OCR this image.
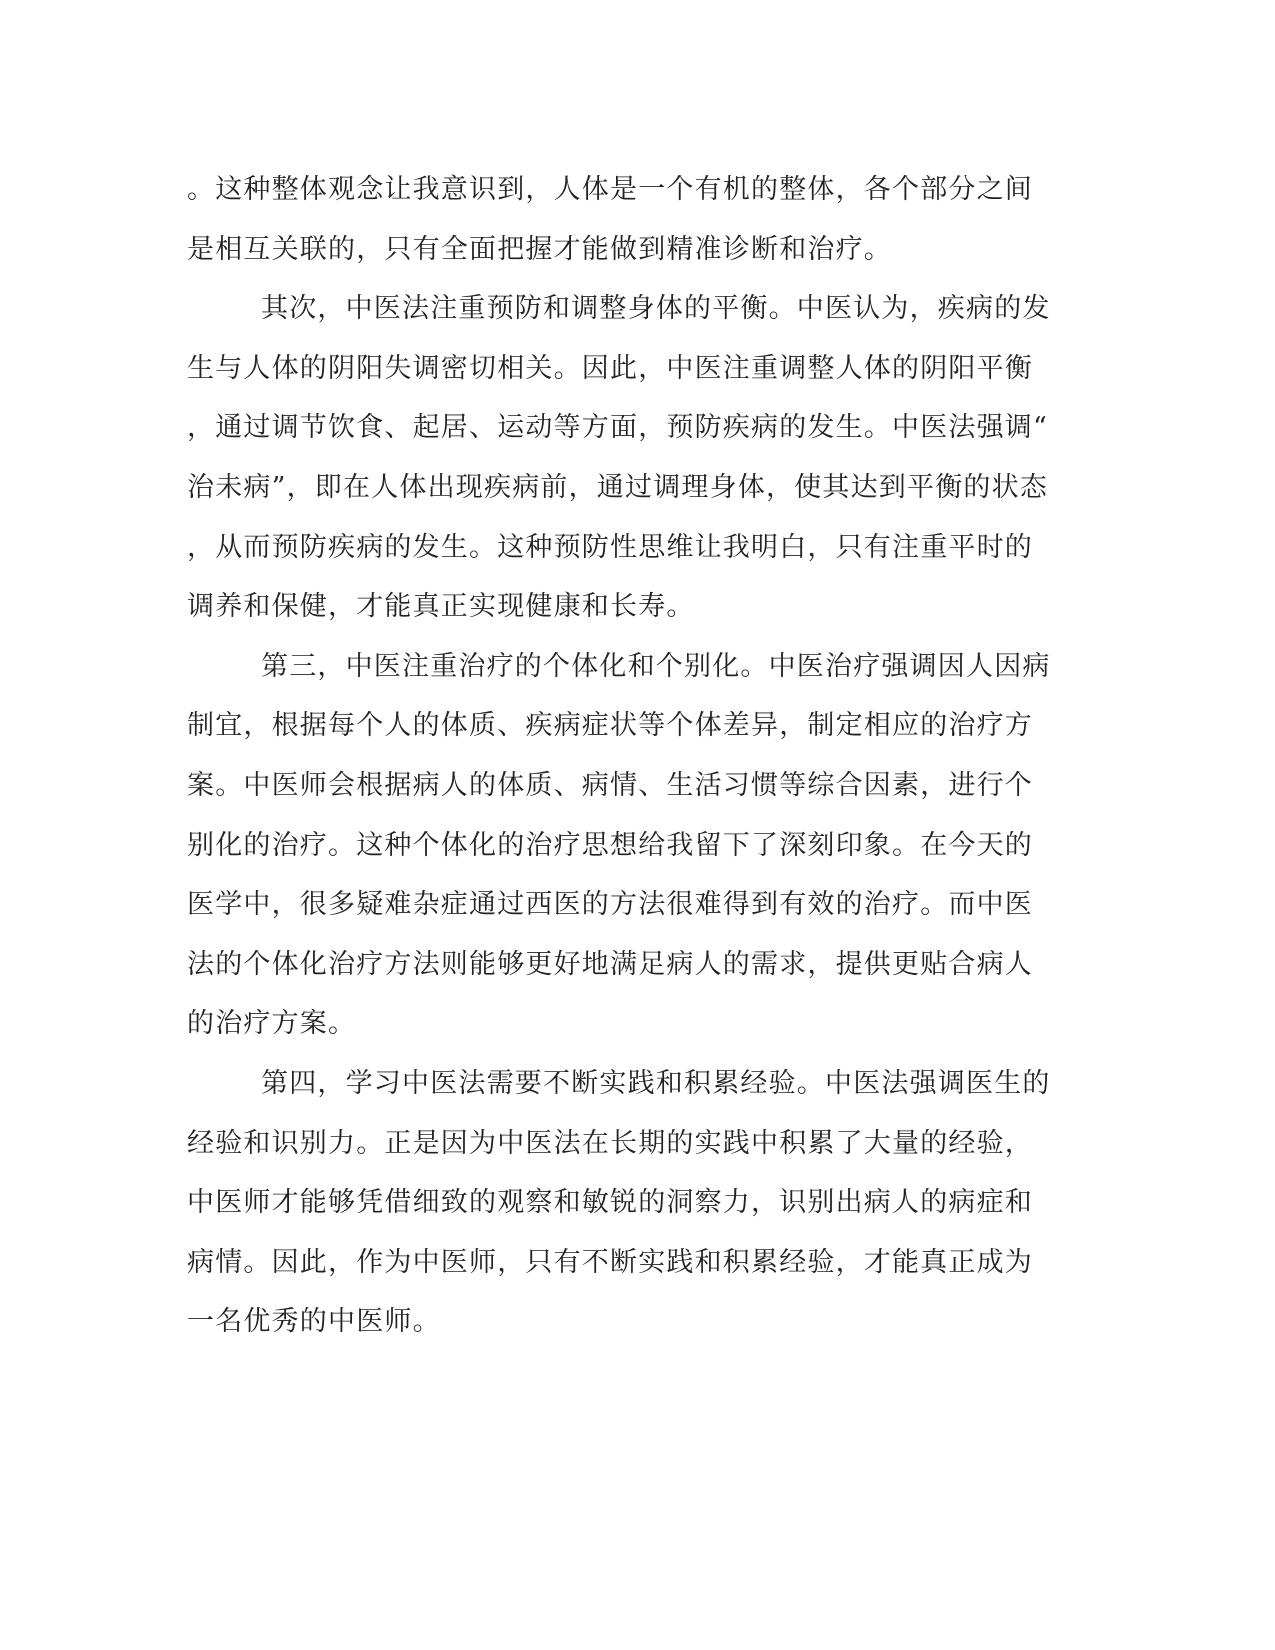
。这种整体观念让我意识到，人体是一个有机的整体，各个部分之间
是相互关联的，只有全面把握才能做到精准诊断和治疗。
其次，中医法注重预防和调整身体的平衡。中医认为，疾病的发
生与人体的阴阳失调密切相关。因此，中医注重调整人体的阴阳平衡
，通过调节饮食、起居、运动等方面，预防疾病的发生。中医法强调“
治未病”，即在人体出现疾病前，通过调理身体，使其达到平衡的状态
，从而预防疾病的发生。这种预防性思维让我明白，只有注重平时的
调养和保健，才能真正实现健康和长寿。
第三，中医注重治疗的个体化和个别化。中医治疗强调因人因病
制宜，根据每个人的体质、疾病症状等个体差异，制定相应的治疗方
案。中医师会根据病人的体质、病情、生活习惯等综合因素，进行个
别化的治疗。这种个体化的治疗思想给我留下了深刻印象。在今天的
医学中，很多疑难杂症通过西医的方法很难得到有效的治疗。而中医
法的个体化治疗方法则能够更好地满足病人的需求，提供更贴合病人
的治疗方案。
第四，学习中医法需要不断实践和积累经验。中医法强调医生的
经验和识别力。正是因为中医法在长期的实践中积累了大量的经验，
中医师才能够凭借细致的观察和敏锐的洞察力，识别出病人的病症和
病情。因此，作为中医师，只有不断实践和积累经验，才能真正成为
一名优秀的中医师。
